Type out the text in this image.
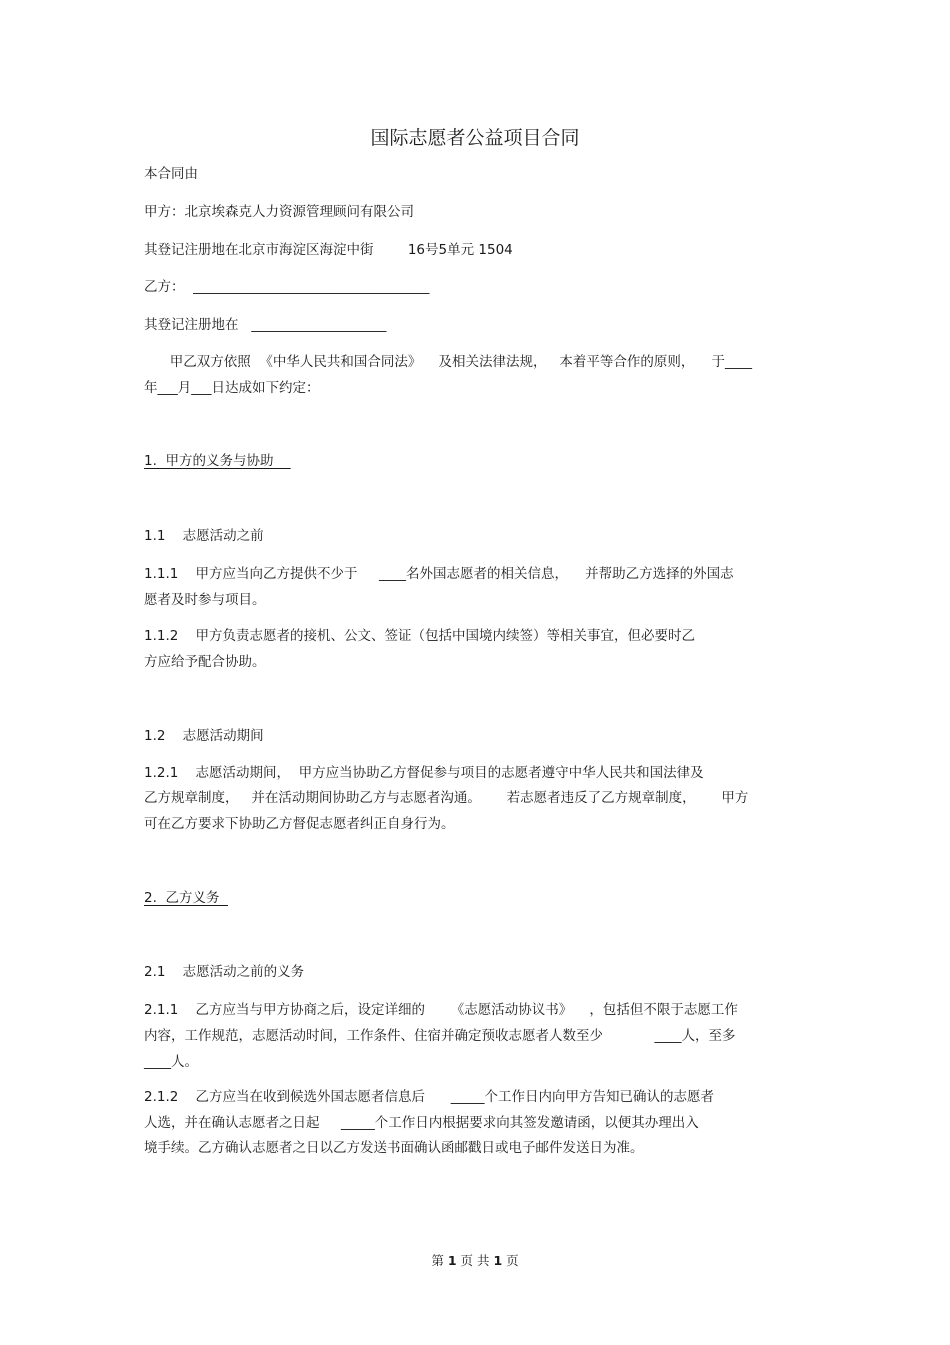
国际志愿者公益项目合同

本合同由

甲方：北京埃森克人力资源管理顾问有限公司

其登记注册地在北京市海淀区海淀中街        16号5单元 1504

乙方：  ___________________________________

其登记注册地在   ____________________

甲乙双方依照  《中华人民共和国合同法》    及相关法律法规，   本着平等合作的原则，    于____

年___月___日达成如下约定：

1.  甲方的义务与协助

1.1    志愿活动之前

1.1.1    甲方应当向乙方提供不少于     ____名外国志愿者的相关信息，    并帮助乙方选择的外国志

愿者及时参与项目。

1.1.2    甲方负责志愿者的接机、公文、签证（包括中国境内续签）等相关事宜，但必要时乙

方应给予配合协助。

1.2    志愿活动期间

1.2.1    志愿活动期间，  甲方应当协助乙方督促参与项目的志愿者遵守中华人民共和国法律及

乙方规章制度，   并在活动期间协助乙方与志愿者沟通。      若志愿者违反了乙方规章制度，      甲方

可在乙方要求下协助乙方督促志愿者纠正自身行为。

2.  乙方义务

2.1    志愿活动之前的义务

2.1.1    乙方应当与甲方协商之后，设定详细的      《志愿活动协议书》    ，包括但不限于志愿工作

内容，工作规范，志愿活动时间，工作条件、住宿并确定预收志愿者人数至少            ____人，至多

____人。

2.1.2    乙方应当在收到候选外国志愿者信息后      _____个工作日内向甲方告知已确认的志愿者

人选，并在确认志愿者之日起     _____个工作日内根据要求向其签发邀请函，以便其办理出入

境手续。乙方确认志愿者之日以乙方发送书面确认函邮戳日或电子邮件发送日为准。

第 1 页 共 1 页
